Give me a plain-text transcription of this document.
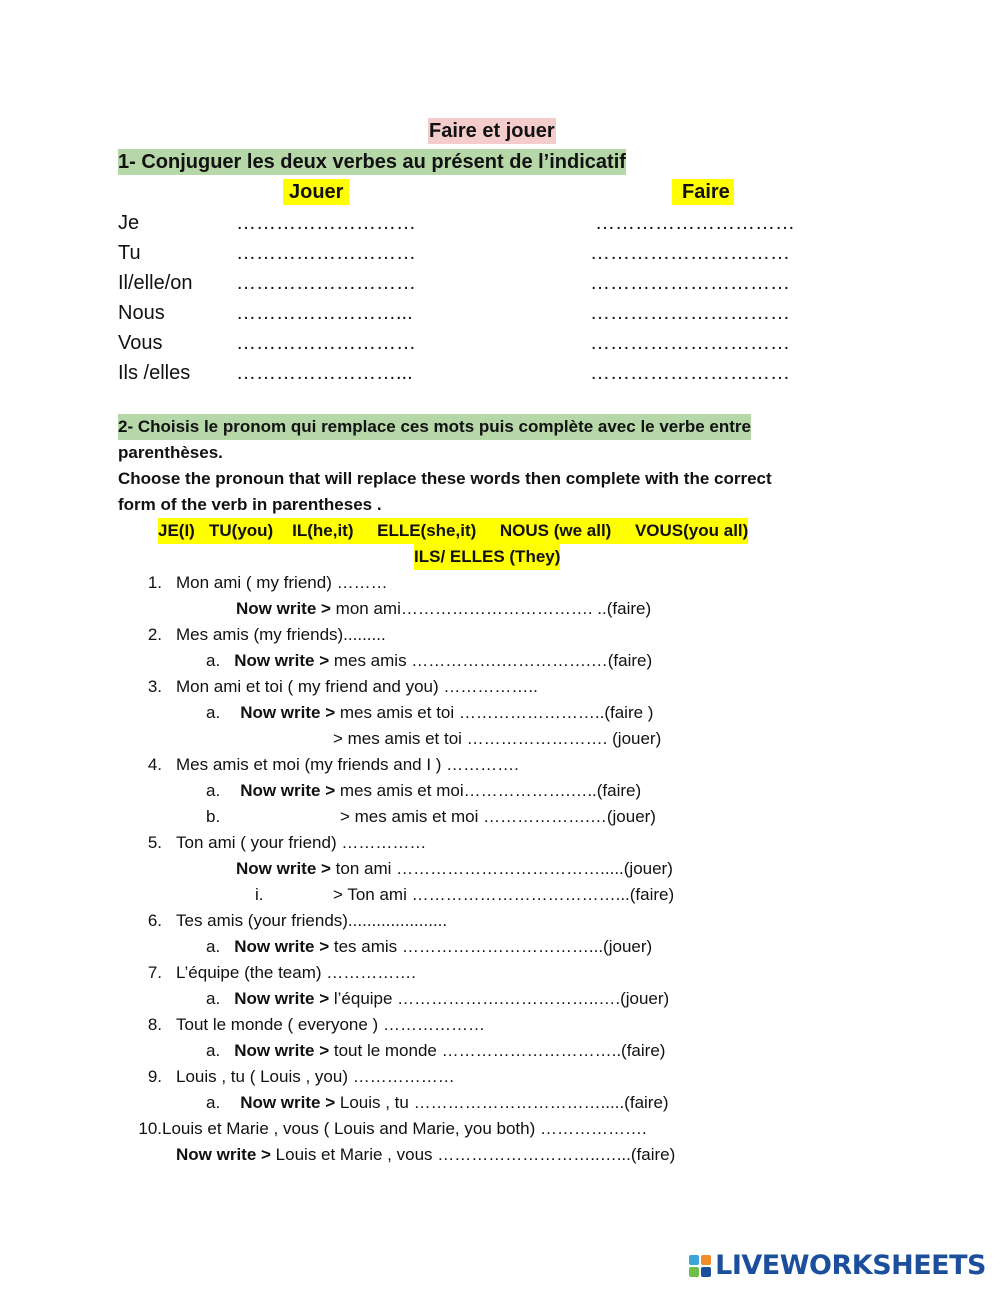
Faire et jouer
1- Conjuguer les deux verbes au présent de l’indicatif
Jouer	Faire
Je	………………………	…………………………
Tu	………………………	…………………………
Il/elle/on ………………………	…………………………
Nous	……………………...	…………………………
Vous	………………………	…………………………
Ils /elles ……………………...	…………………………
2- Choisis le pronom qui remplace ces mots puis complète avec le verbe entre
parenthèses.
Choose the pronoun that will replace these words then complete with the correct
form of the verb in parentheses .
JE(I)   TU(you)    IL(he,it)     ELLE(she,it)     NOUS (we all)     VOUS(you all)
ILS/ ELLES (They)
1. Mon ami ( my friend) ………
Now write > mon ami……………………………. ..(faire)
2. Mes amis (my friends).........
a. Now write > mes amis …………….…………….…(faire)
3. Mon ami et toi ( my friend and you) ……………..
a. Now write > mes amis et toi ……………………..(faire )
> mes amis et toi ……………………. (jouer)
4. Mes amis et moi (my friends and I ) ………….
a. Now write > mes amis et moi……………….…..(faire)
b.	> mes amis et moi ……………….…(jouer)
5. Ton ami ( your friend) ……………
Now write > ton ami ……………………………….....(jouer)
i.	> Ton ami ………………………………...(faire)
6. Tes amis (your friends).....................
a. Now write > tes amis ……………………………...(jouer)
7. L’équipe (the team) …………….
a. Now write > l’équipe ……………….……………..….(jouer)
8. Tout le monde ( everyone ) ………………
a. Now write > tout le monde …………………………..(faire)
9. Louis , tu ( Louis , you) ………………
a. Now write > Louis , tu …………………………….....(faire)
10.Louis et Marie , vous ( Louis and Marie, you both) ……………….
Now write > Louis et Marie , vous ………………………..…...(faire)
LIVEWORKSHEETS
